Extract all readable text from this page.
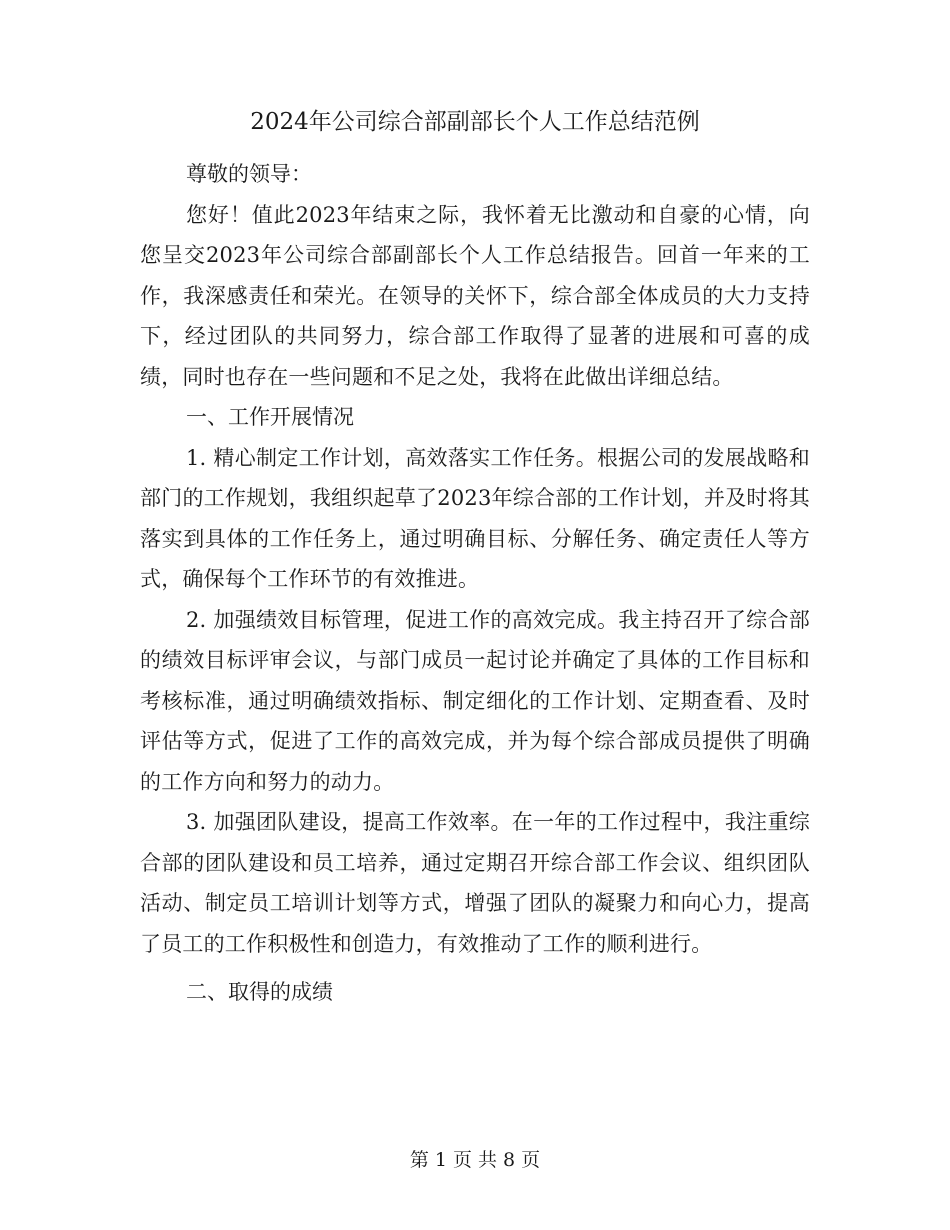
2024年公司综合部副部长个人工作总结范例

尊敬的领导：

您好！值此2023年结束之际，我怀着无比激动和自豪的心情，向您呈交2023年公司综合部副部长个人工作总结报告。回首一年来的工作，我深感责任和荣光。在领导的关怀下，综合部全体成员的大力支持下，经过团队的共同努力，综合部工作取得了显著的进展和可喜的成绩，同时也存在一些问题和不足之处，我将在此做出详细总结。

一、工作开展情况

1. 精心制定工作计划，高效落实工作任务。根据公司的发展战略和部门的工作规划，我组织起草了2023年综合部的工作计划，并及时将其落实到具体的工作任务上，通过明确目标、分解任务、确定责任人等方式，确保每个工作环节的有效推进。

2. 加强绩效目标管理，促进工作的高效完成。我主持召开了综合部的绩效目标评审会议，与部门成员一起讨论并确定了具体的工作目标和考核标准，通过明确绩效指标、制定细化的工作计划、定期查看、及时评估等方式，促进了工作的高效完成，并为每个综合部成员提供了明确的工作方向和努力的动力。

3. 加强团队建设，提高工作效率。在一年的工作过程中，我注重综合部的团队建设和员工培养，通过定期召开综合部工作会议、组织团队活动、制定员工培训计划等方式，增强了团队的凝聚力和向心力，提高了员工的工作积极性和创造力，有效推动了工作的顺利进行。

二、取得的成绩

第 1 页 共 8 页
